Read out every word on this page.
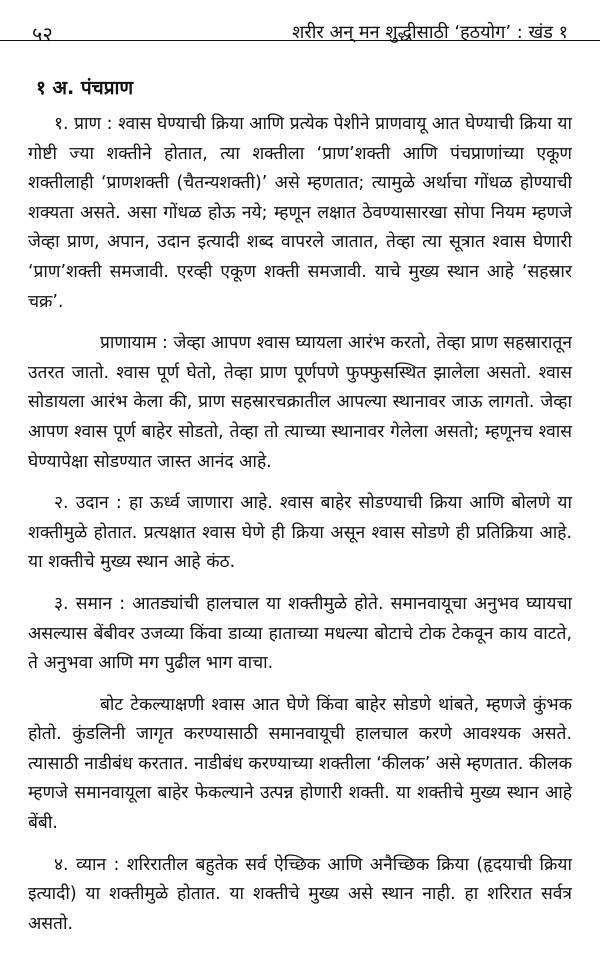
५२	शरीर अन् मन शुद्धीसाठी ‘हठयोग’ : खंड १
१ अ. पंचप्राण

१. प्राण : श्‍वास घेण्याची क्रिया आणि प्रत्येक पेशीने प्राणवायू आत घेण्याची क्रिया या गोष्टी ज्या शक्तीने होतात, त्या शक्तीला ‘प्राण’शक्ती आणि पंचप्राणांच्या एकूण शक्तीलाही ‘प्राणशक्ती (चैतन्यशक्ती)’ असे म्हणतात; त्यामुळे अर्थाचा गोंधळ होण्याची शक्यता असते. असा गोंधळ होऊ नये; म्हणून लक्षात ठेवण्यासारखा सोपा नियम म्हणजे जेव्हा प्राण, अपान, उदान इत्यादी शब्द वापरले जातात, तेव्हा त्या सूत्रात श्‍वास घेणारी ‘प्राण’शक्ती समजावी. एरव्ही एकूण शक्ती समजावी. याचे मुख्य स्थान आहे ‘सहस्रार चक्र’.

प्राणायाम : जेव्हा आपण श्‍वास घ्यायला आरंभ करतो, तेव्हा प्राण सहस्रारातून उतरत जातो. श्‍वास पूर्ण घेतो, तेव्हा प्राण पूर्णपणे फुफ्फुसस्थित झालेला असतो. श्‍वास सोडायला आरंभ केला की, प्राण सहस्रारचक्रातील आपल्या स्थानावर जाऊ लागतो. जेव्हा आपण श्‍वास पूर्ण बाहेर सोडतो, तेव्हा तो त्याच्या स्थानावर गेलेला असतो; म्हणूनच श्‍वास घेण्यापेक्षा सोडण्यात जास्त आनंद आहे.

२. उदान : हा ऊर्ध्व जाणारा आहे. श्‍वास बाहेर सोडण्याची क्रिया आणि बोलणे या शक्तीमुळे होतात. प्रत्यक्षात श्‍वास घेणे ही क्रिया असून श्‍वास सोडणे ही प्रतिक्रिया आहे. या शक्तीचे मुख्य स्थान आहे कंठ.

३. समान : आतड्यांची हालचाल या शक्तीमुळे होते. समानवायूचा अनुभव घ्यायचा असल्यास बेंबीवर उजव्या किंवा डाव्या हाताच्या मधल्या बोटाचे टोक टेकवून काय वाटते, ते अनुभवा आणि मग पुढील भाग वाचा.

बोट टेकल्याक्षणी श्‍वास आत घेणे किंवा बाहेर सोडणे थांबते, म्हणजे कुंभक होतो. कुंडलिनी जागृत करण्यासाठी समानवायूची हालचाल करणे आवश्यक असते. त्यासाठी नाडीबंध करतात. नाडीबंध करण्याच्या शक्तीला ‘कीलक’ असे म्हणतात. कीलक म्हणजे समानवायूला बाहेर फेकल्याने उत्पन्न होणारी शक्ती. या शक्तीचे मुख्य स्थान आहे बेंबी.

४. व्यान : शरिरातील बहुतेक सर्व ऐच्छिक आणि अनैच्छिक क्रिया (हृदयाची क्रिया इत्यादी) या शक्तीमुळे होतात. या शक्तीचे मुख्य असे स्थान नाही. हा शरिरात सर्वत्र असतो.
